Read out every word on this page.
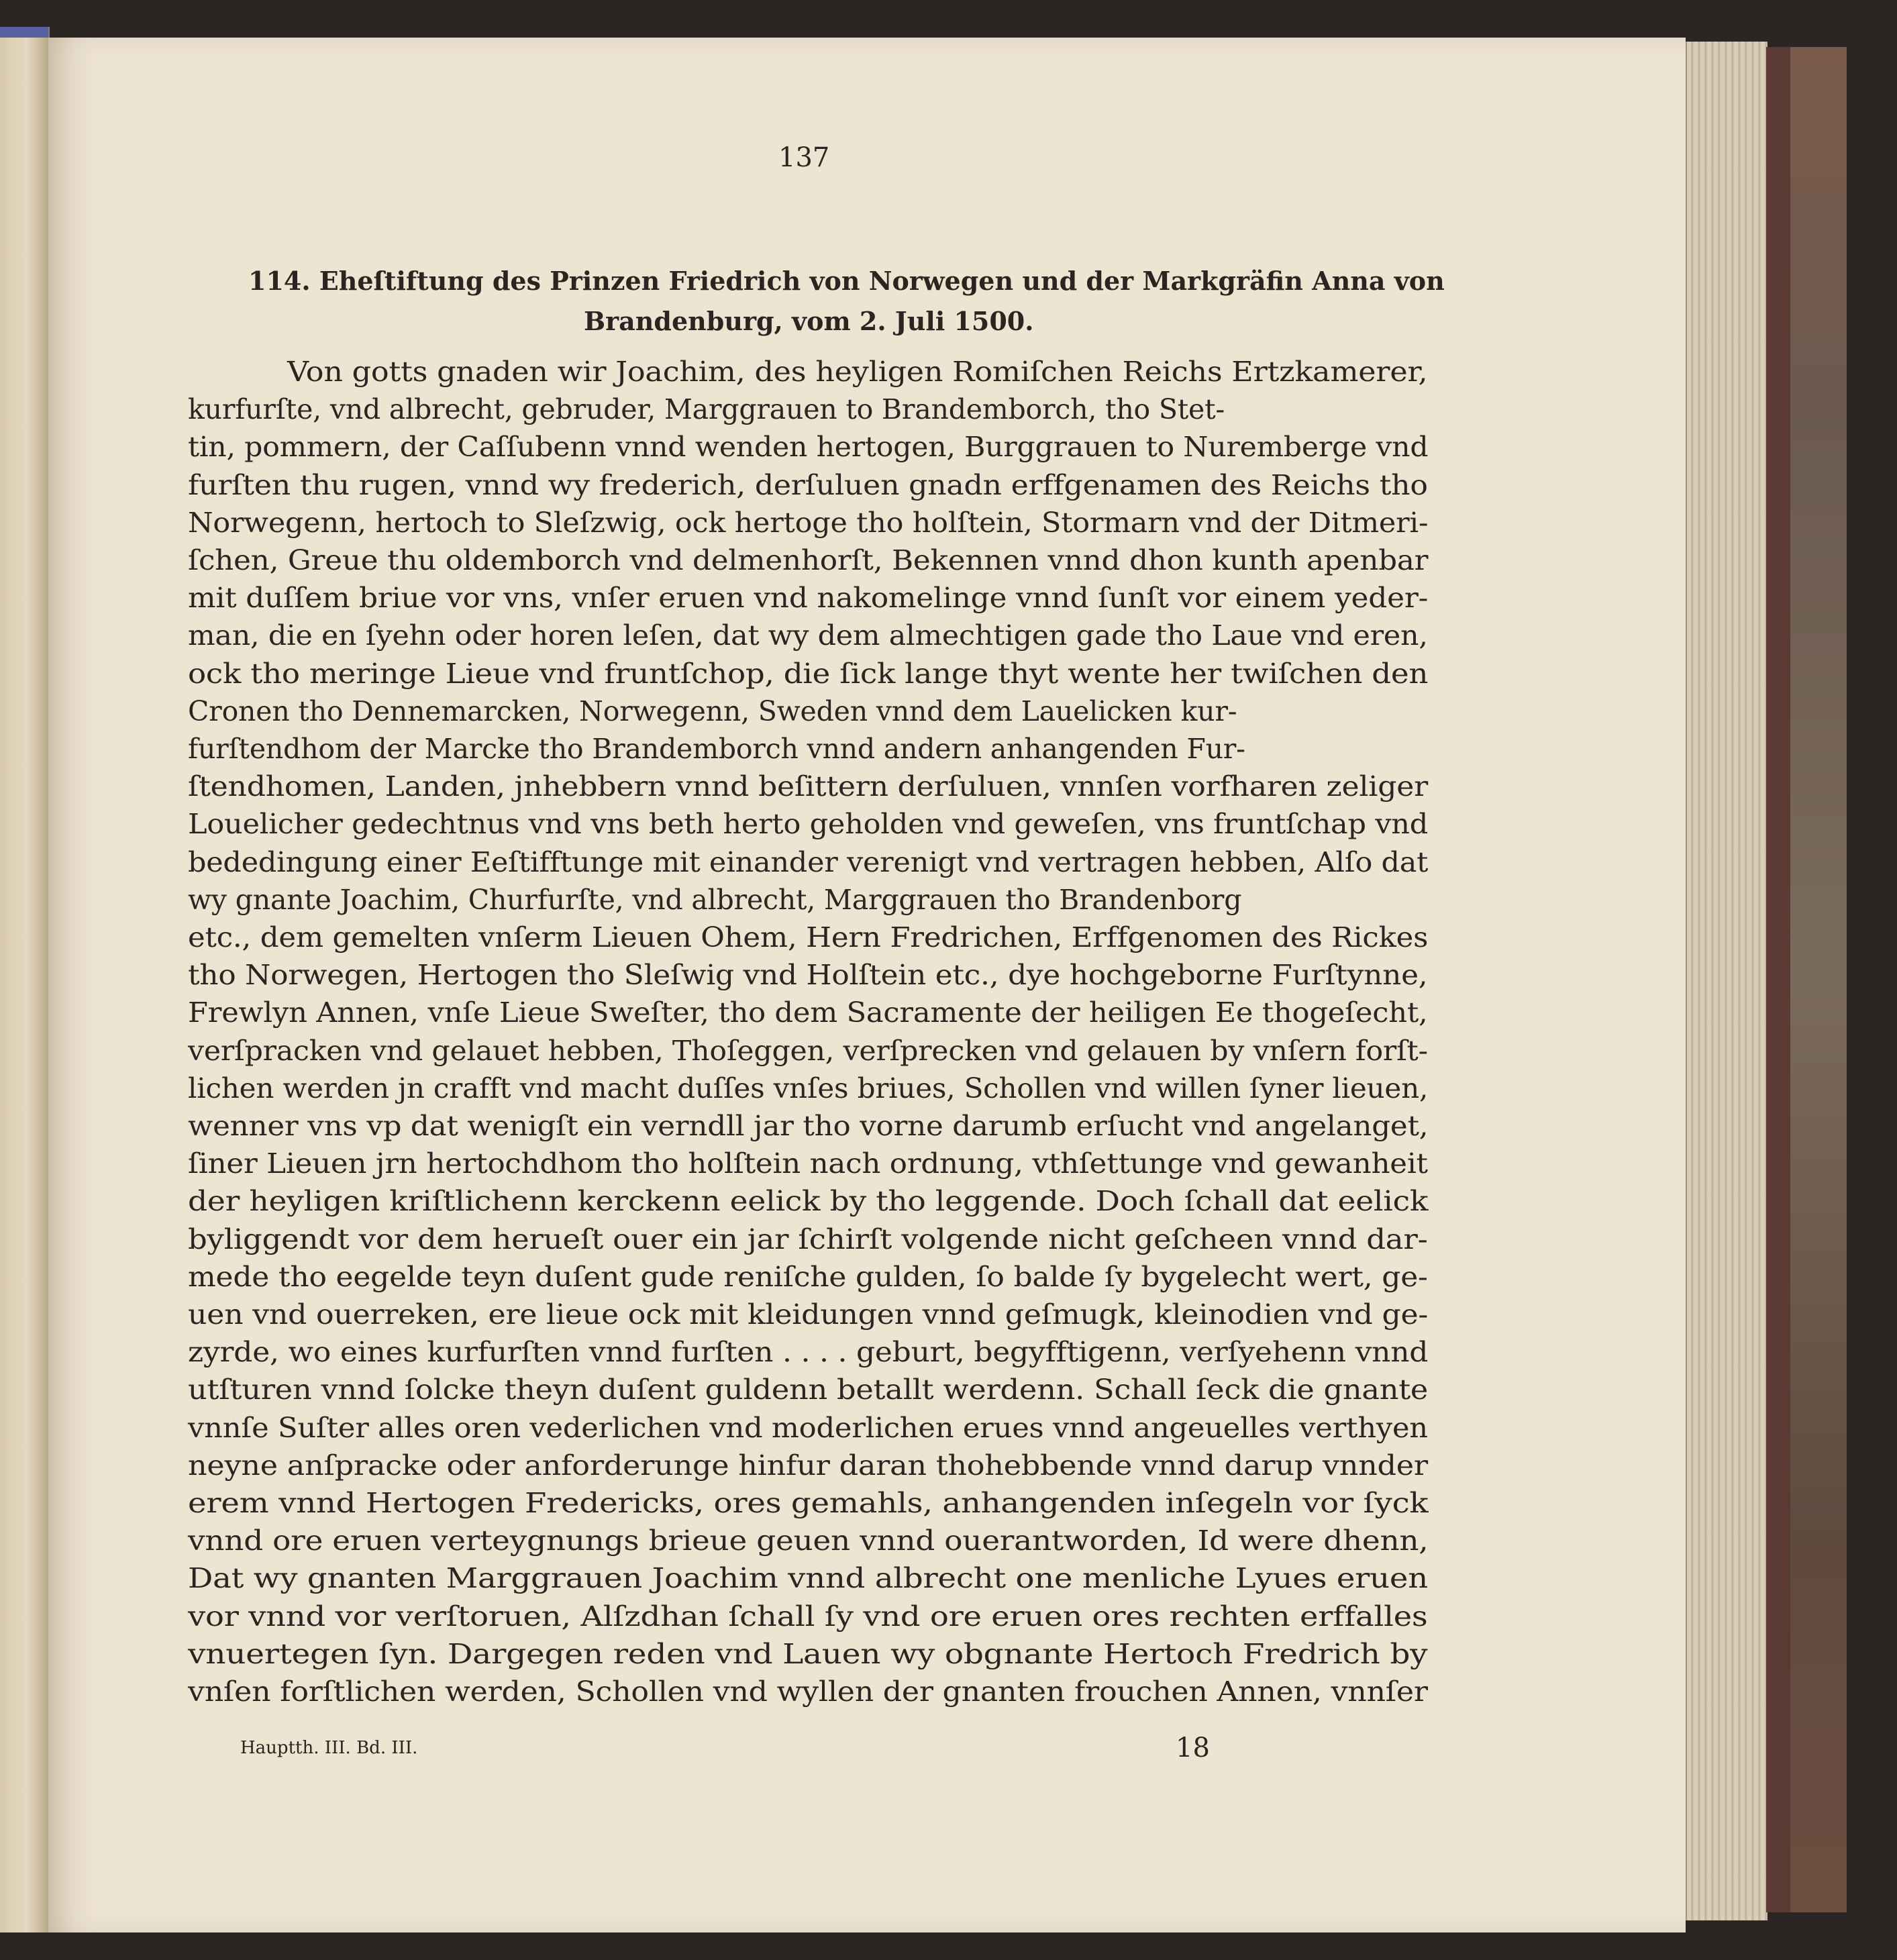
137
114. Eheſtiftung des Prinzen Friedrich von Norwegen und der Markgräfin Anna von
Brandenburg, vom 2. Juli 1500.
Von gotts gnaden wir Joachim, des heyligen Romiſchen Reichs Ertzkamerer,
kurfurſte, vnd albrecht, gebruder, Marggrauen to Brandemborch, tho Stet-
tin, pommern, der Caſſubenn vnnd wenden hertogen, Burggrauen to Nuremberge vnd
furſten thu rugen, vnnd wy frederich, derſuluen gnadn erffgenamen des Reichs tho
Norwegenn, hertoch to Sleſzwig, ock hertoge tho holſtein, Stormarn vnd der Ditmeri-
ſchen, Greue thu oldemborch vnd delmenhorſt, Bekennen vnnd dhon kunth apenbar
mit duſſem briue vor vns, vnſer eruen vnd nakomelinge vnnd ſunſt vor einem yeder-
man, die en ſyehn oder horen leſen, dat wy dem almechtigen gade tho Laue vnd eren,
ock tho meringe Lieue vnd fruntſchop, die ſick lange thyt wente her twiſchen den
Cronen tho Dennemarcken, Norwegenn, Sweden vnnd dem Lauelicken kur-
furſtendhom der Marcke tho Brandemborch vnnd andern anhangenden Fur-
ſtendhomen, Landen, jnhebbern vnnd beſittern derſuluen, vnnſen vorfharen zeliger
Louelicher gedechtnus vnd vns beth herto geholden vnd geweſen, vns fruntſchap vnd
bededingung einer Eeſtifftunge mit einander verenigt vnd vertragen hebben, Alſo dat
wy gnante Joachim, Churfurſte, vnd albrecht, Marggrauen tho Brandenborg
etc., dem gemelten vnſerm Lieuen Ohem, Hern Fredrichen, Erffgenomen des Rickes
tho Norwegen, Hertogen tho Sleſwig vnd Holſtein etc., dye hochgeborne Furſtynne,
Frewlyn Annen, vnſe Lieue Sweſter, tho dem Sacramente der heiligen Ee thogeſecht,
verſpracken vnd gelauet hebben, Thoſeggen, verſprecken vnd gelauen by vnſern forſt-
lichen werden jn crafft vnd macht duſſes vnſes briues, Schollen vnd willen ſyner lieuen,
wenner vns vp dat wenigſt ein verndll jar tho vorne darumb erſucht vnd angelanget,
ſiner Lieuen jrn hertochdhom tho holſtein nach ordnung, vthſettunge vnd gewanheit
der heyligen kriſtlichenn kerckenn eelick by tho leggende. Doch ſchall dat eelick
byliggendt vor dem herueſt ouer ein jar ſchirſt volgende nicht geſcheen vnnd dar-
mede tho eegelde teyn duſent gude reniſche gulden, ſo balde ſy bygelecht wert, ge-
uen vnd ouerreken, ere lieue ock mit kleidungen vnnd geſmugk, kleinodien vnd ge-
zyrde, wo eines kurfurſten vnnd furſten . . . . geburt, begyfftigenn, verſyehenn vnnd
utſturen vnnd ſolcke theyn duſent guldenn betallt werdenn. Schall ſeck die gnante
vnnſe Suſter alles oren vederlichen vnd moderlichen erues vnnd angeuelles verthyen
neyne anſpracke oder anforderunge hinfur daran thohebbende vnnd darup vnnder
erem vnnd Hertogen Fredericks, ores gemahls, anhangenden inſegeln vor ſyck
vnnd ore eruen verteygnungs brieue geuen vnnd ouerantworden, Id were dhenn,
Dat wy gnanten Marggrauen Joachim vnnd albrecht one menliche Lyues eruen
vor vnnd vor verſtoruen, Alſzdhan ſchall ſy vnd ore eruen ores rechten erffalles
vnuertegen ſyn. Dargegen reden vnd Lauen wy obgnante Hertoch Fredrich by
vnſen forſtlichen werden, Schollen vnd wyllen der gnanten frouchen Annen, vnnſer
Hauptth. III. Bd. III.	18
